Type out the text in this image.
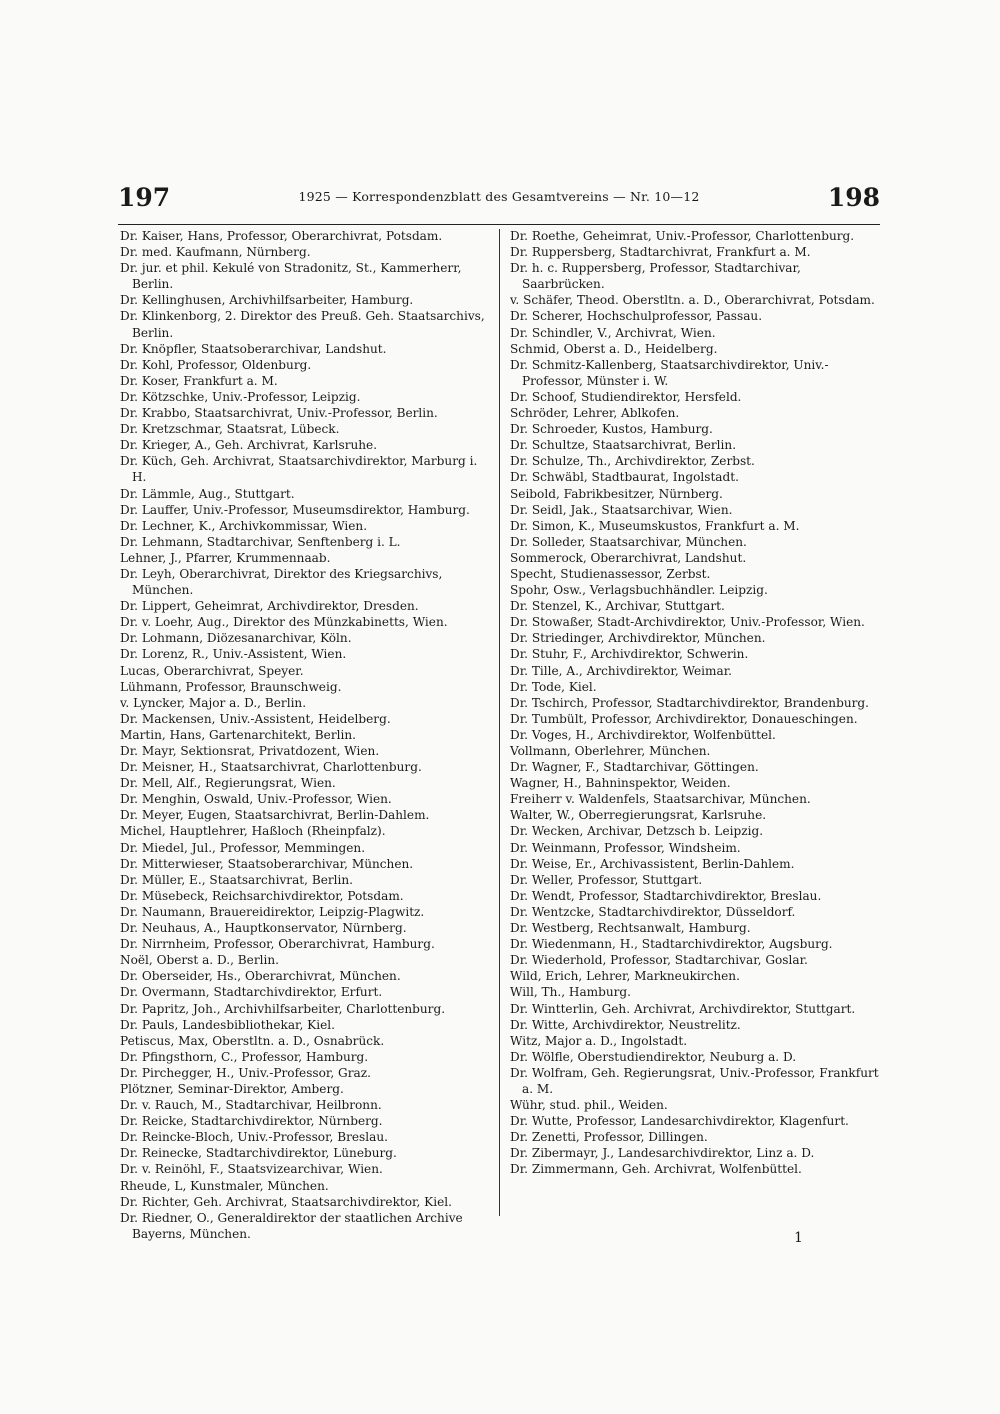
197	1925 — Korrespondenzblatt des Gesamtvereins — Nr. 10—12	198

Dr. Kaiser, Hans, Professor, Oberarchivrat, Potsdam.

Dr. med. Kaufmann, Nürnberg.

Dr. jur. et phil. Kekulé von Stradonitz, St., Kammerherr, Berlin.

Dr. Kellinghusen, Archivhilfsarbeiter, Hamburg.

Dr. Klinkenborg, 2. Direktor des Preuß. Geh. Staatsarchivs, Berlin.

Dr. Knöpfler, Staatsoberarchivar, Landshut.

Dr. Kohl, Professor, Oldenburg.

Dr. Koser, Frankfurt a. M.

Dr. Kötzschke, Univ.-Professor, Leipzig.

Dr. Krabbo, Staatsarchivrat, Univ.-Professor, Berlin.

Dr. Kretzschmar, Staatsrat, Lübeck.

Dr. Krieger, A., Geh. Archivrat, Karlsruhe.

Dr. Küch, Geh. Archivrat, Staatsarchivdirektor, Marburg i. H.

Dr. Lämmle, Aug., Stuttgart.

Dr. Lauffer, Univ.-Professor, Museumsdirektor, Hamburg.

Dr. Lechner, K., Archivkommissar, Wien.

Dr. Lehmann, Stadtarchivar, Senftenberg i. L.

Lehner, J., Pfarrer, Krummennaab.

Dr. Leyh, Oberarchivrat, Direktor des Kriegsarchivs, München.

Dr. Lippert, Geheimrat, Archivdirektor, Dresden.

Dr. v. Loehr, Aug., Direktor des Münzkabinetts, Wien.

Dr. Lohmann, Diözesanarchivar, Köln.

Dr. Lorenz, R., Univ.-Assistent, Wien.

Lucas, Oberarchivrat, Speyer.

Lühmann, Professor, Braunschweig.

v. Lyncker, Major a. D., Berlin.

Dr. Mackensen, Univ.-Assistent, Heidelberg.

Martin, Hans, Gartenarchitekt, Berlin.

Dr. Mayr, Sektionsrat, Privatdozent, Wien.

Dr. Meisner, H., Staatsarchivrat, Charlottenburg.

Dr. Mell, Alf., Regierungsrat, Wien.

Dr. Menghin, Oswald, Univ.-Professor, Wien.

Dr. Meyer, Eugen, Staatsarchivrat, Berlin-Dahlem.

Michel, Hauptlehrer, Haßloch (Rheinpfalz).

Dr. Miedel, Jul., Professor, Memmingen.

Dr. Mitterwieser, Staatsoberarchivar, München.

Dr. Müller, E., Staatsarchivrat, Berlin.

Dr. Müsebeck, Reichsarchivdirektor, Potsdam.

Dr. Naumann, Brauereidirektor, Leipzig-Plagwitz.

Dr. Neuhaus, A., Hauptkonservator, Nürnberg.

Dr. Nirrnheim, Professor, Oberarchivrat, Hamburg.

Noël, Oberst a. D., Berlin.

Dr. Oberseider, Hs., Oberarchivrat, München.

Dr. Overmann, Stadtarchivdirektor, Erfurt.

Dr. Papritz, Joh., Archivhilfsarbeiter, Charlottenburg.

Dr. Pauls, Landesbibliothekar, Kiel.

Petiscus, Max, Oberstltn. a. D., Osnabrück.

Dr. Pfingsthorn, C., Professor, Hamburg.

Dr. Pirchegger, H., Univ.-Professor, Graz.

Plötzner, Seminar-Direktor, Amberg.

Dr. v. Rauch, M., Stadtarchivar, Heilbronn.

Dr. Reicke, Stadtarchivdirektor, Nürnberg.

Dr. Reincke-Bloch, Univ.-Professor, Breslau.

Dr. Reinecke, Stadtarchivdirektor, Lüneburg.

Dr. v. Reinöhl, F., Staatsvizearchivar, Wien.

Rheude, L, Kunstmaler, München.

Dr. Richter, Geh. Archivrat, Staatsarchivdirektor, Kiel.

Dr. Riedner, O., Generaldirektor der staatlichen Archive Bayerns, München.

Dr. Roethe, Geheimrat, Univ.-Professor, Charlottenburg.

Dr. Ruppersberg, Stadtarchivrat, Frankfurt a. M.

Dr. h. c. Ruppersberg, Professor, Stadtarchivar, Saarbrücken.

v. Schäfer, Theod. Oberstltn. a. D., Oberarchivrat, Potsdam.

Dr. Scherer, Hochschulprofessor, Passau.

Dr. Schindler, V., Archivrat, Wien.

Schmid, Oberst a. D., Heidelberg.

Dr. Schmitz-Kallenberg, Staatsarchivdirektor, Univ.-Professor, Münster i. W.

Dr. Schoof, Studiendirektor, Hersfeld.

Schröder, Lehrer, Ablkofen.

Dr. Schroeder, Kustos, Hamburg.

Dr. Schultze, Staatsarchivrat, Berlin.

Dr. Schulze, Th., Archivdirektor, Zerbst.

Dr. Schwäbl, Stadtbaurat, Ingolstadt.

Seibold, Fabrikbesitzer, Nürnberg.

Dr. Seidl, Jak., Staatsarchivar, Wien.

Dr. Simon, K., Museumskustos, Frankfurt a. M.

Dr. Solleder, Staatsarchivar, München.

Sommerock, Oberarchivrat, Landshut.

Specht, Studienassessor, Zerbst.

Spohr, Osw., Verlagsbuchhändler. Leipzig.

Dr. Stenzel, K., Archivar, Stuttgart.

Dr. Stowaßer, Stadt-Archivdirektor, Univ.-Professor, Wien.

Dr. Striedinger, Archivdirektor, München.

Dr. Stuhr, F., Archivdirektor, Schwerin.

Dr. Tille, A., Archivdirektor, Weimar.

Dr. Tode, Kiel.

Dr. Tschirch, Professor, Stadtarchivdirektor, Brandenburg.

Dr. Tumbült, Professor, Archivdirektor, Donaueschingen.

Dr. Voges, H., Archivdirektor, Wolfenbüttel.

Vollmann, Oberlehrer, München.

Dr. Wagner, F., Stadtarchivar, Göttingen.

Wagner, H., Bahninspektor, Weiden.

Freiherr v. Waldenfels, Staatsarchivar, München.

Walter, W., Oberregierungsrat, Karlsruhe.

Dr. Wecken, Archivar, Detzsch b. Leipzig.

Dr. Weinmann, Professor, Windsheim.

Dr. Weise, Er., Archivassistent, Berlin-Dahlem.

Dr. Weller, Professor, Stuttgart.

Dr. Wendt, Professor, Stadtarchivdirektor, Breslau.

Dr. Wentzcke, Stadtarchivdirektor, Düsseldorf.

Dr. Westberg, Rechtsanwalt, Hamburg.

Dr. Wiedenmann, H., Stadtarchivdirektor, Augsburg.

Dr. Wiederhold, Professor, Stadtarchivar, Goslar.

Wild, Erich, Lehrer, Markneukirchen.

Will, Th., Hamburg.

Dr. Wintterlin, Geh. Archivrat, Archivdirektor, Stuttgart.

Dr. Witte, Archivdirektor, Neustrelitz.

Witz, Major a. D., Ingolstadt.

Dr. Wölfle, Oberstudiendirektor, Neuburg a. D.

Dr. Wolfram, Geh. Regierungsrat, Univ.-Professor, Frankfurt a. M.

Wühr, stud. phil., Weiden.

Dr. Wutte, Professor, Landesarchivdirektor, Klagenfurt.

Dr. Zenetti, Professor, Dillingen.

Dr. Zibermayr, J., Landesarchivdirektor, Linz a. D.

Dr. Zimmermann, Geh. Archivrat, Wolfenbüttel.

1
